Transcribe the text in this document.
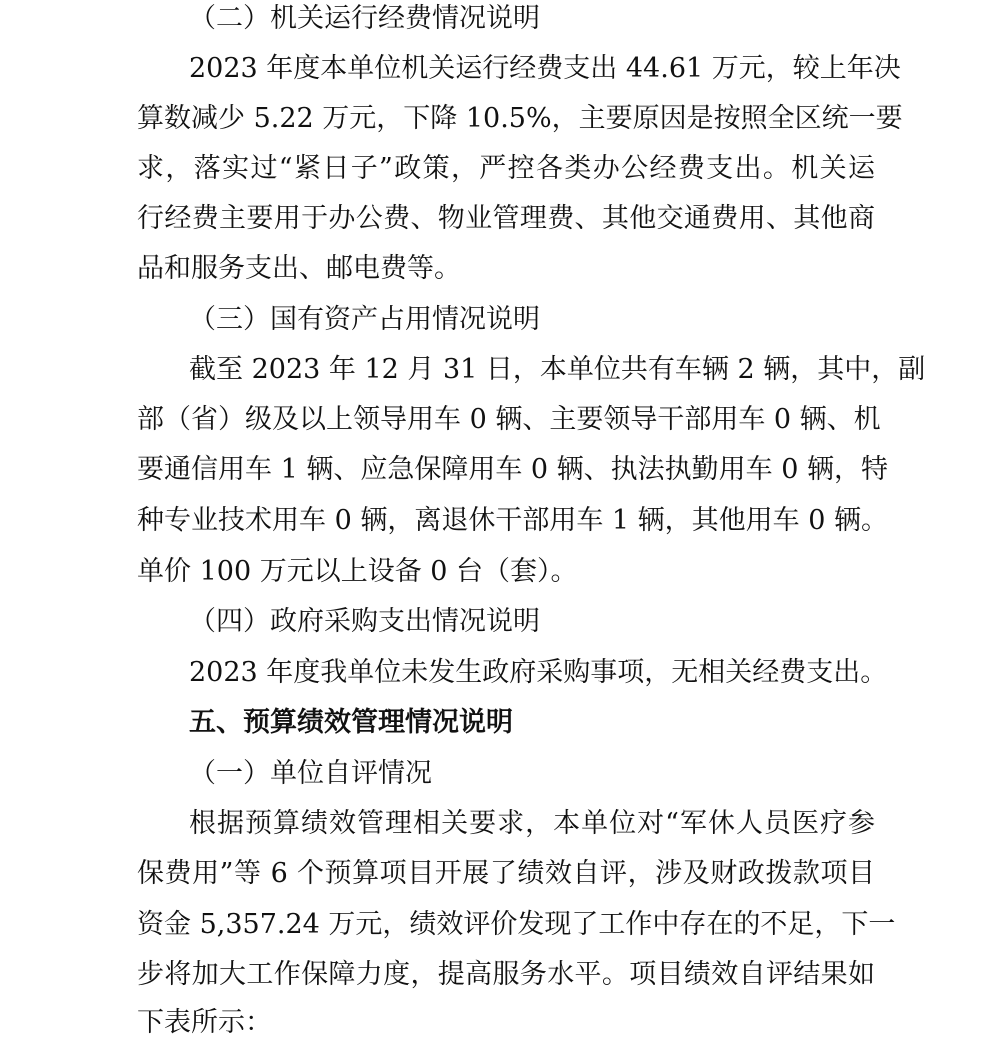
（二）机关运行经费情况说明
2023 年度本单位机关运行经费支出 44.61 万元，较上年决
算数减少 5.22 万元，下降 10.5%，主要原因是按照全区统一要
求，落实过“紧日子”政策，严控各类办公经费支出。机关运
行经费主要用于办公费、物业管理费、其他交通费用、其他商
品和服务支出、邮电费等。
（三）国有资产占用情况说明
截至 2023 年 12 月 31 日，本单位共有车辆 2 辆，其中，副
部（省）级及以上领导用车 0 辆、主要领导干部用车 0 辆、机
要通信用车 1 辆、应急保障用车 0 辆、执法执勤用车 0 辆，特
种专业技术用车 0 辆，离退休干部用车 1 辆，其他用车 0 辆。
单价 100 万元以上设备 0 台（套）。
（四）政府采购支出情况说明
2023 年度我单位未发生政府采购事项，无相关经费支出。
五、预算绩效管理情况说明
（一）单位自评情况
根据预算绩效管理相关要求，本单位对“军休人员医疗参
保费用”等 6 个预算项目开展了绩效自评，涉及财政拨款项目
资金 5,357.24 万元，绩效评价发现了工作中存在的不足，下一
步将加大工作保障力度，提高服务水平。项目绩效自评结果如
下表所示：
